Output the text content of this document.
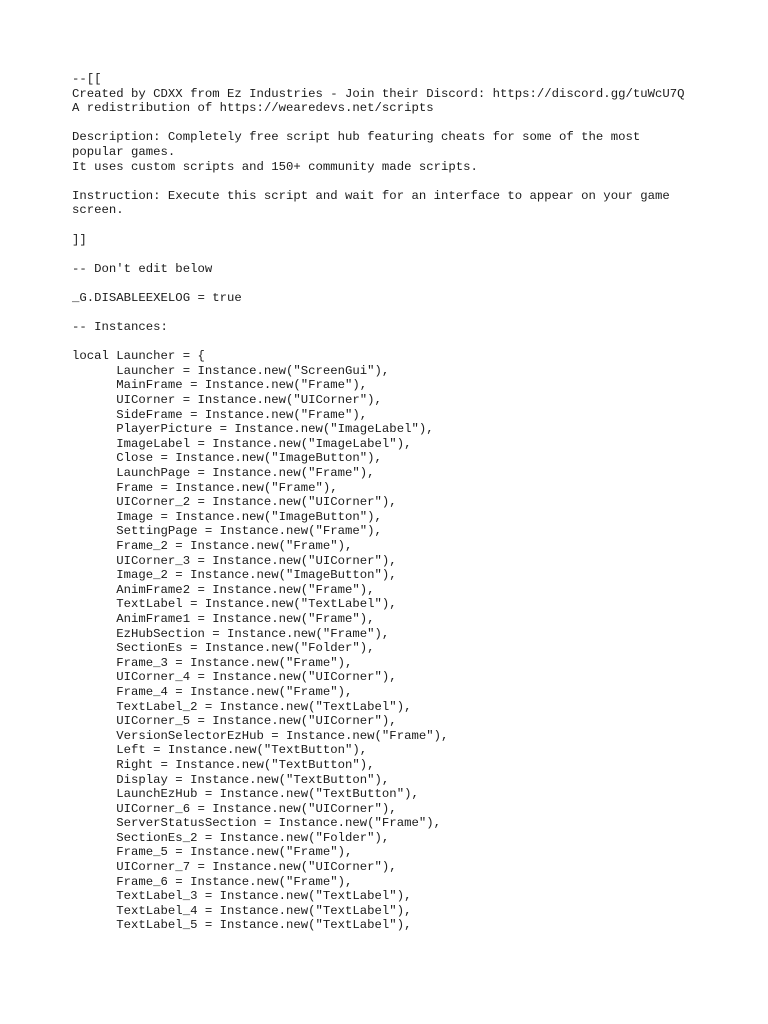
--[[
Created by CDXX from Ez Industries - Join their Discord: https://discord.gg/tuWcU7Q
A redistribution of https://wearedevs.net/scripts
Description: Completely free script hub featuring cheats for some of the most
popular games.
It uses custom scripts and 150+ community made scripts.
Instruction: Execute this script and wait for an interface to appear on your game
screen.
]]
-- Don't edit below
_G.DISABLEEXELOG = true
-- Instances:
local Launcher = {
Launcher = Instance.new("ScreenGui"),
MainFrame = Instance.new("Frame"),
UICorner = Instance.new("UICorner"),
SideFrame = Instance.new("Frame"),
PlayerPicture = Instance.new("ImageLabel"),
ImageLabel = Instance.new("ImageLabel"),
Close = Instance.new("ImageButton"),
LaunchPage = Instance.new("Frame"),
Frame = Instance.new("Frame"),
UICorner_2 = Instance.new("UICorner"),
Image = Instance.new("ImageButton"),
SettingPage = Instance.new("Frame"),
Frame_2 = Instance.new("Frame"),
UICorner_3 = Instance.new("UICorner"),
Image_2 = Instance.new("ImageButton"),
AnimFrame2 = Instance.new("Frame"),
TextLabel = Instance.new("TextLabel"),
AnimFrame1 = Instance.new("Frame"),
EzHubSection = Instance.new("Frame"),
SectionEs = Instance.new("Folder"),
Frame_3 = Instance.new("Frame"),
UICorner_4 = Instance.new("UICorner"),
Frame_4 = Instance.new("Frame"),
TextLabel_2 = Instance.new("TextLabel"),
UICorner_5 = Instance.new("UICorner"),
VersionSelectorEzHub = Instance.new("Frame"),
Left = Instance.new("TextButton"),
Right = Instance.new("TextButton"),
Display = Instance.new("TextButton"),
LaunchEzHub = Instance.new("TextButton"),
UICorner_6 = Instance.new("UICorner"),
ServerStatusSection = Instance.new("Frame"),
SectionEs_2 = Instance.new("Folder"),
Frame_5 = Instance.new("Frame"),
UICorner_7 = Instance.new("UICorner"),
Frame_6 = Instance.new("Frame"),
TextLabel_3 = Instance.new("TextLabel"),
TextLabel_4 = Instance.new("TextLabel"),
TextLabel_5 = Instance.new("TextLabel"),
